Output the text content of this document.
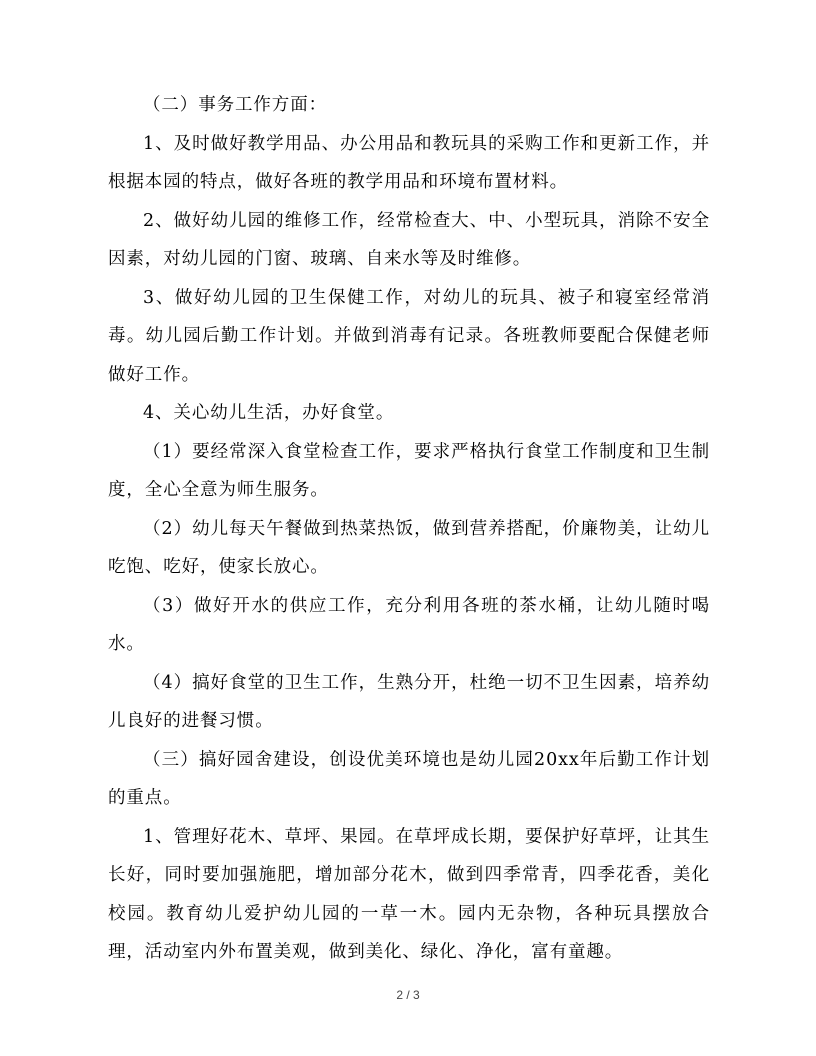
（二）事务工作方面：

1、及时做好教学用品、办公用品和教玩具的采购工作和更新工作，并根据本园的特点，做好各班的教学用品和环境布置材料。

2、做好幼儿园的维修工作，经常检查大、中、小型玩具，消除不安全因素，对幼儿园的门窗、玻璃、自来水等及时维修。

3、做好幼儿园的卫生保健工作，对幼儿的玩具、被子和寝室经常消毒。幼儿园后勤工作计划。并做到消毒有记录。各班教师要配合保健老师做好工作。

4、关心幼儿生活，办好食堂。

（1）要经常深入食堂检查工作，要求严格执行食堂工作制度和卫生制度，全心全意为师生服务。

（2）幼儿每天午餐做到热菜热饭，做到营养搭配，价廉物美，让幼儿吃饱、吃好，使家长放心。

（3）做好开水的供应工作，充分利用各班的茶水桶，让幼儿随时喝水。

（4）搞好食堂的卫生工作，生熟分开，杜绝一切不卫生因素，培养幼儿良好的进餐习惯。

（三）搞好园舍建设，创设优美环境也是幼儿园20xx年后勤工作计划的重点。

1、管理好花木、草坪、果园。在草坪成长期，要保护好草坪，让其生长好，同时要加强施肥，增加部分花木，做到四季常青，四季花香，美化校园。教育幼儿爱护幼儿园的一草一木。园内无杂物，各种玩具摆放合理，活动室内外布置美观，做到美化、绿化、净化，富有童趣。

2 / 3
